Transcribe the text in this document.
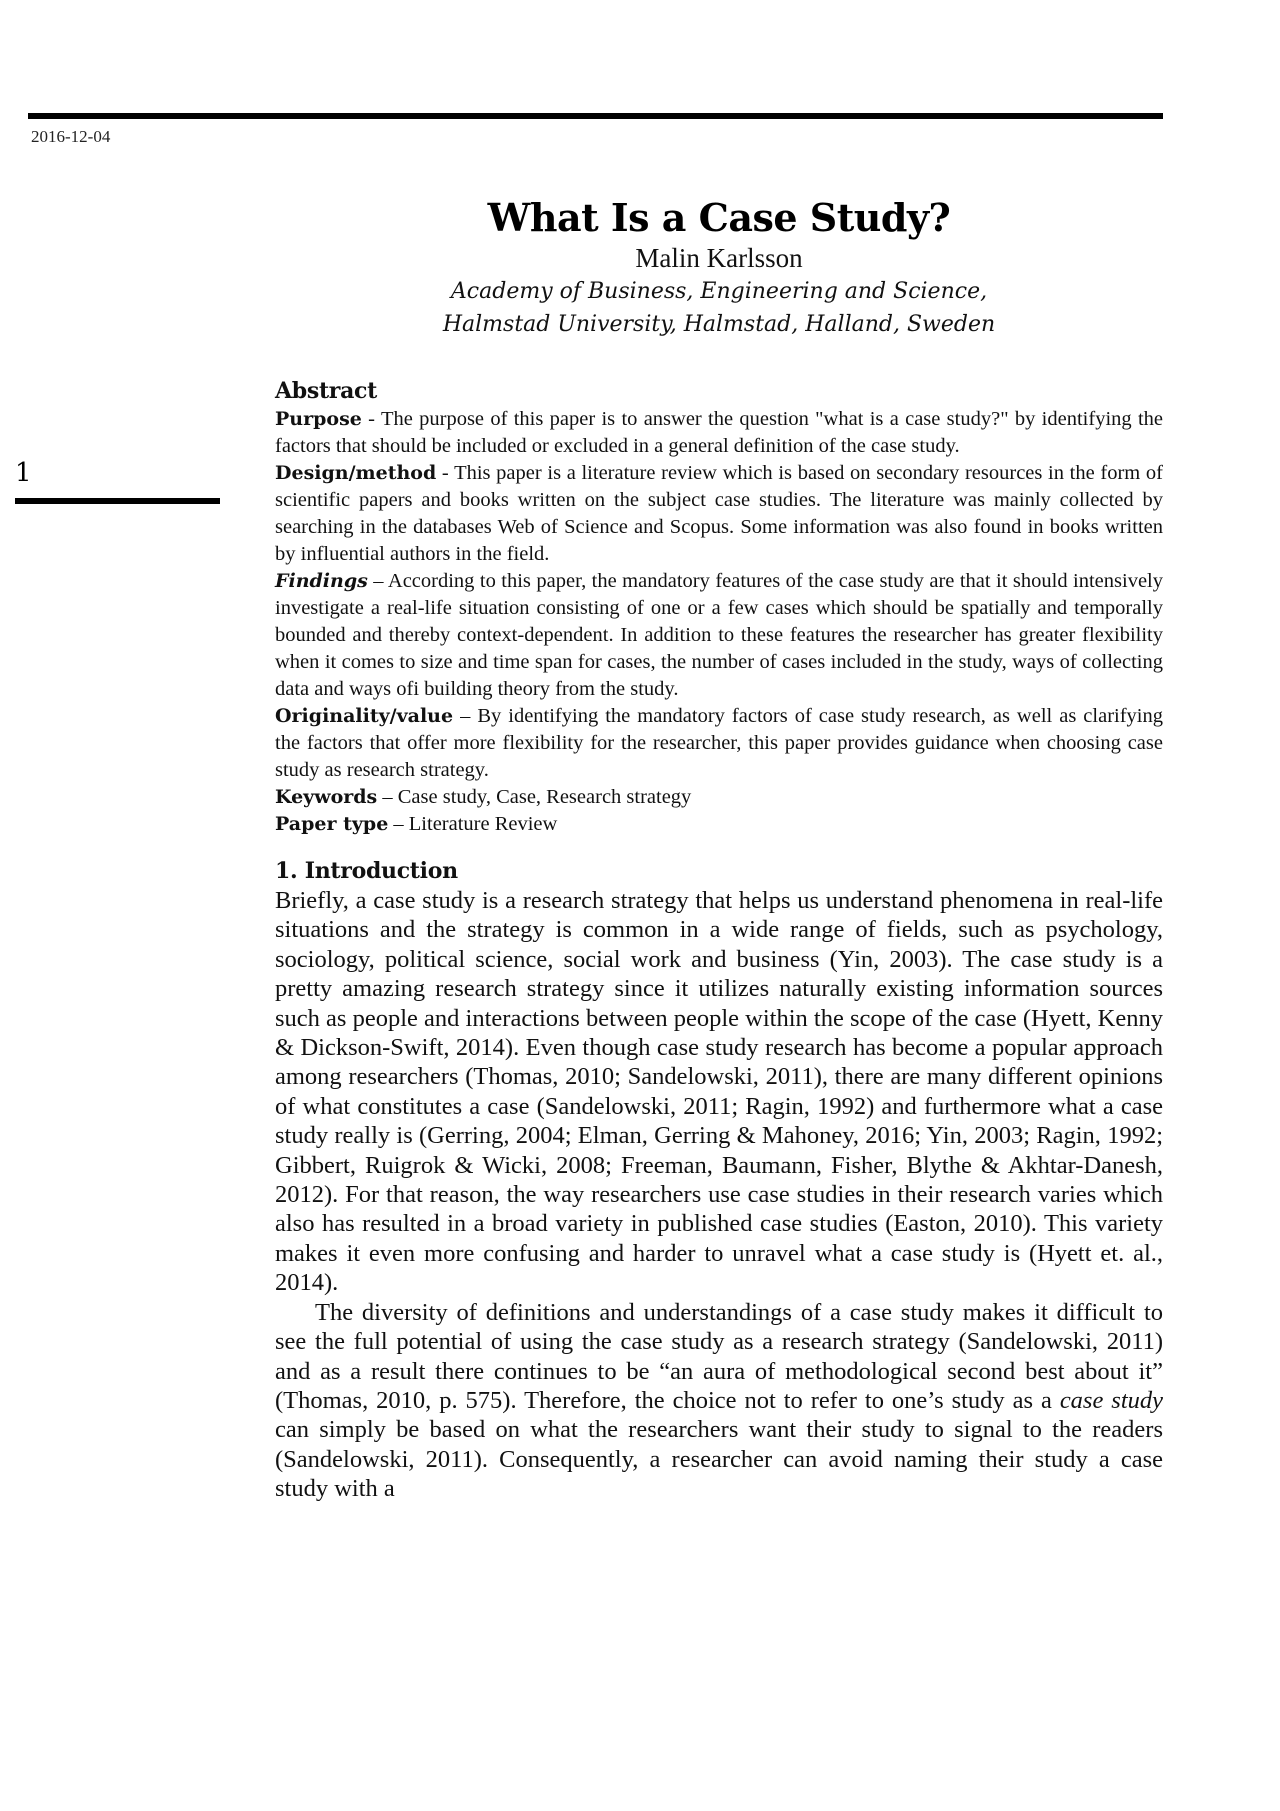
2016-12-04
What Is a Case Study?
Malin Karlsson
Academy of Business, Engineering and Science,
Halmstad University, Halmstad, Halland, Sweden
1
Abstract

Purpose - The purpose of this paper is to answer the question "what is a case study?" by identifying the factors that should be included or excluded in a general definition of the case study.

Design/method - This paper is a literature review which is based on secondary resources in the form of scientific papers and books written on the subject case studies. The literature was mainly collected by searching in the databases Web of Science and Scopus. Some information was also found in books written by influential authors in the field.

Findings – According to this paper, the mandatory features of the case study are that it should intensively investigate a real-life situation consisting of one or a few cases which should be spatially and temporally bounded and thereby context-dependent. In addition to these features the researcher has greater flexibility when it comes to size and time span for cases, the number of cases included in the study, ways of collecting data and ways ofi building theory from the study.

Originality/value – By identifying the mandatory factors of case study research, as well as clarifying the factors that offer more flexibility for the researcher, this paper provides guidance when choosing case study as research strategy.

Keywords – Case study, Case, Research strategy

Paper type – Literature Review

1. Introduction

Briefly, a case study is a research strategy that helps us understand phenomena in real-life situations and the strategy is common in a wide range of fields, such as psychology, sociology, political science, social work and business (Yin, 2003). The case study is a pretty amazing research strategy since it utilizes naturally existing information sources such as people and interactions between people within the scope of the case (Hyett, Kenny & Dickson-Swift, 2014). Even though case study research has become a popular approach among researchers (Thomas, 2010; Sandelowski, 2011), there are many different opinions of what constitutes a case (Sandelowski, 2011; Ragin, 1992) and furthermore what a case study really is (Gerring, 2004; Elman, Gerring & Mahoney, 2016; Yin, 2003; Ragin, 1992; Gibbert, Ruigrok & Wicki, 2008; Freeman, Baumann, Fisher, Blythe & Akhtar-Danesh, 2012). For that reason, the way researchers use case studies in their research varies which also has resulted in a broad variety in published case studies (Easton, 2010). This variety makes it even more confusing and harder to unravel what a case study is (Hyett et. al., 2014).

The diversity of definitions and understandings of a case study makes it difficult to see the full potential of using the case study as a research strategy (Sandelowski, 2011) and as a result there continues to be “an aura of methodological second best about it” (Thomas, 2010, p. 575). Therefore, the choice not to refer to one’s study as a case study can simply be based on what the researchers want their study to signal to the readers (Sandelowski, 2011). Consequently, a researcher can avoid naming their study a case study with a
